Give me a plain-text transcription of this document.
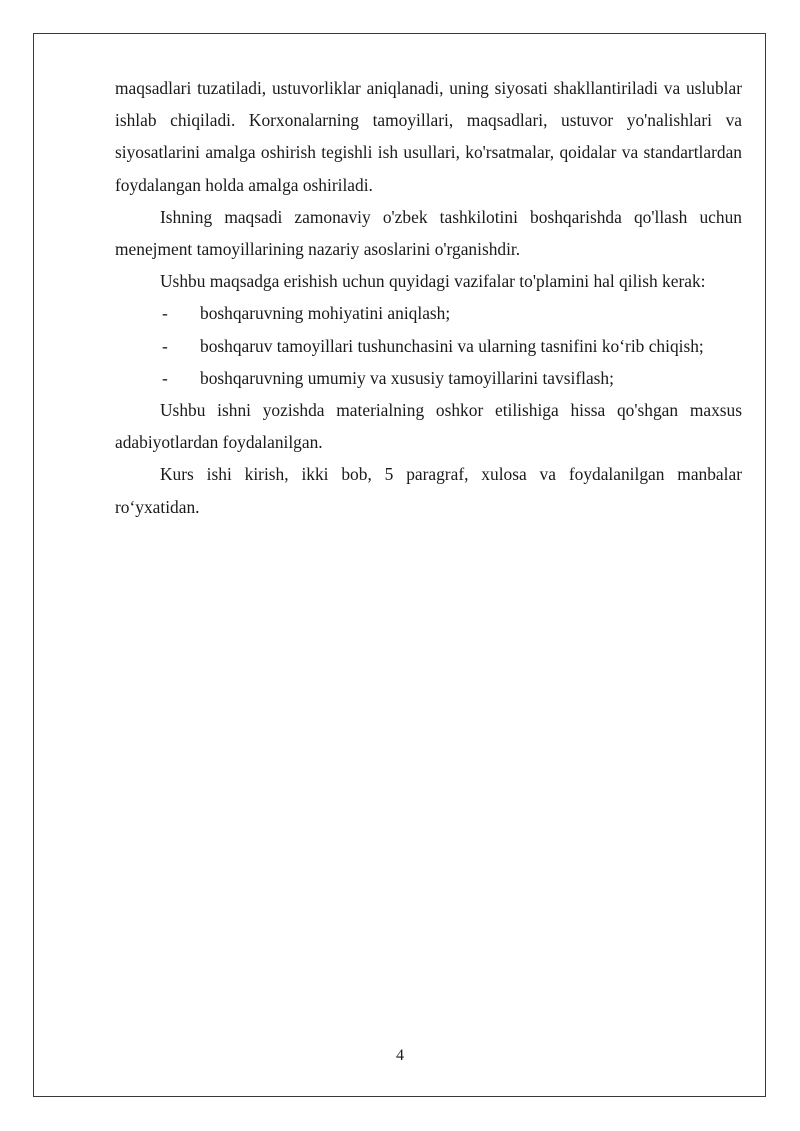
maqsadlari tuzatiladi, ustuvorliklar aniqlanadi, uning siyosati shakllantiriladi va uslublar ishlab chiqiladi. Korxonalarning tamoyillari, maqsadlari, ustuvor yo'nalishlari va siyosatlarini amalga oshirish tegishli ish usullari, ko'rsatmalar, qoidalar va standartlardan foydalangan holda amalga oshiriladi.

Ishning maqsadi zamonaviy o'zbek tashkilotini boshqarishda qo'llash uchun menejment tamoyillarining nazariy asoslarini o'rganishdir.

Ushbu maqsadga erishish uchun quyidagi vazifalar to'plamini hal qilish kerak:

- boshqaruvning mohiyatini aniqlash;
- boshqaruv tamoyillari tushunchasini va ularning tasnifini ko‘rib chiqish;
- boshqaruvning umumiy va xususiy tamoyillarini tavsiflash;

Ushbu ishni yozishda materialning oshkor etilishiga hissa qo'shgan maxsus adabiyotlardan foydalanilgan.

Kurs ishi kirish, ikki bob, 5 paragraf, xulosa va foydalanilgan manbalar ro‘yxatidan.

4
